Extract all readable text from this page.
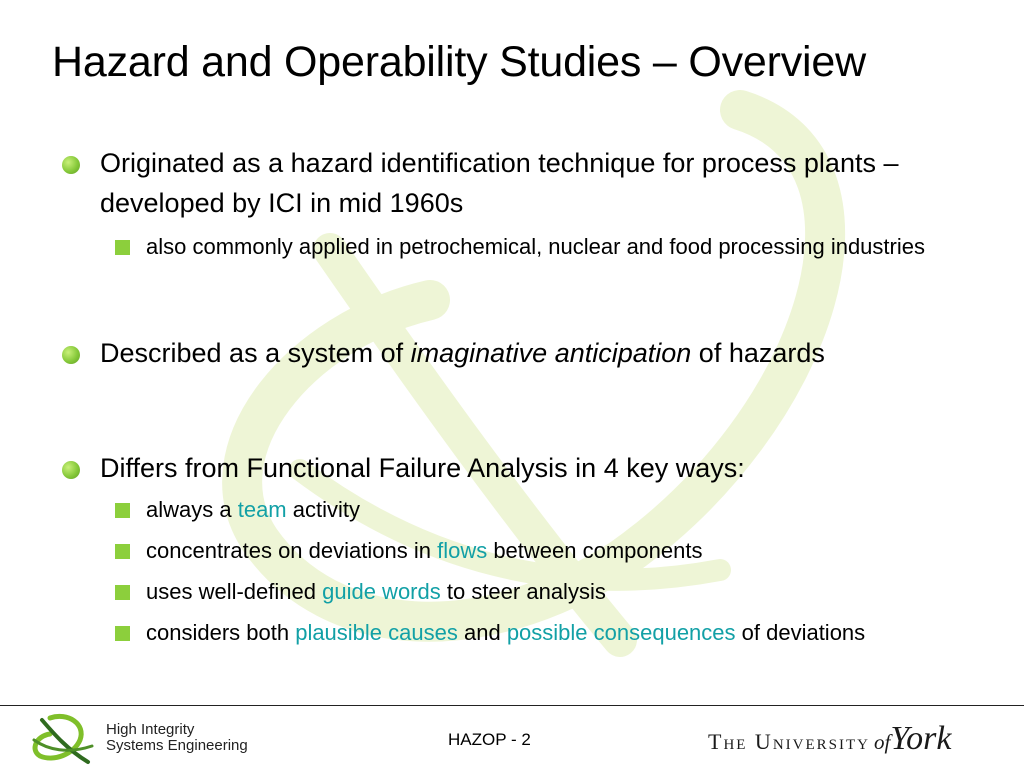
Hazard and Operability Studies – Overview
Originated as a hazard identification technique for process plants – developed by ICI in mid 1960s
also commonly applied in petrochemical, nuclear and food processing industries
Described as a system of imaginative anticipation of hazards
Differs from Functional Failure Analysis in 4 key ways:
always a team activity
concentrates on deviations in flows between components
uses well-defined guide words to steer analysis
considers both plausible causes and possible consequences of deviations
High Integrity
Systems Engineering	HAZOP - 2	The University ofYork
